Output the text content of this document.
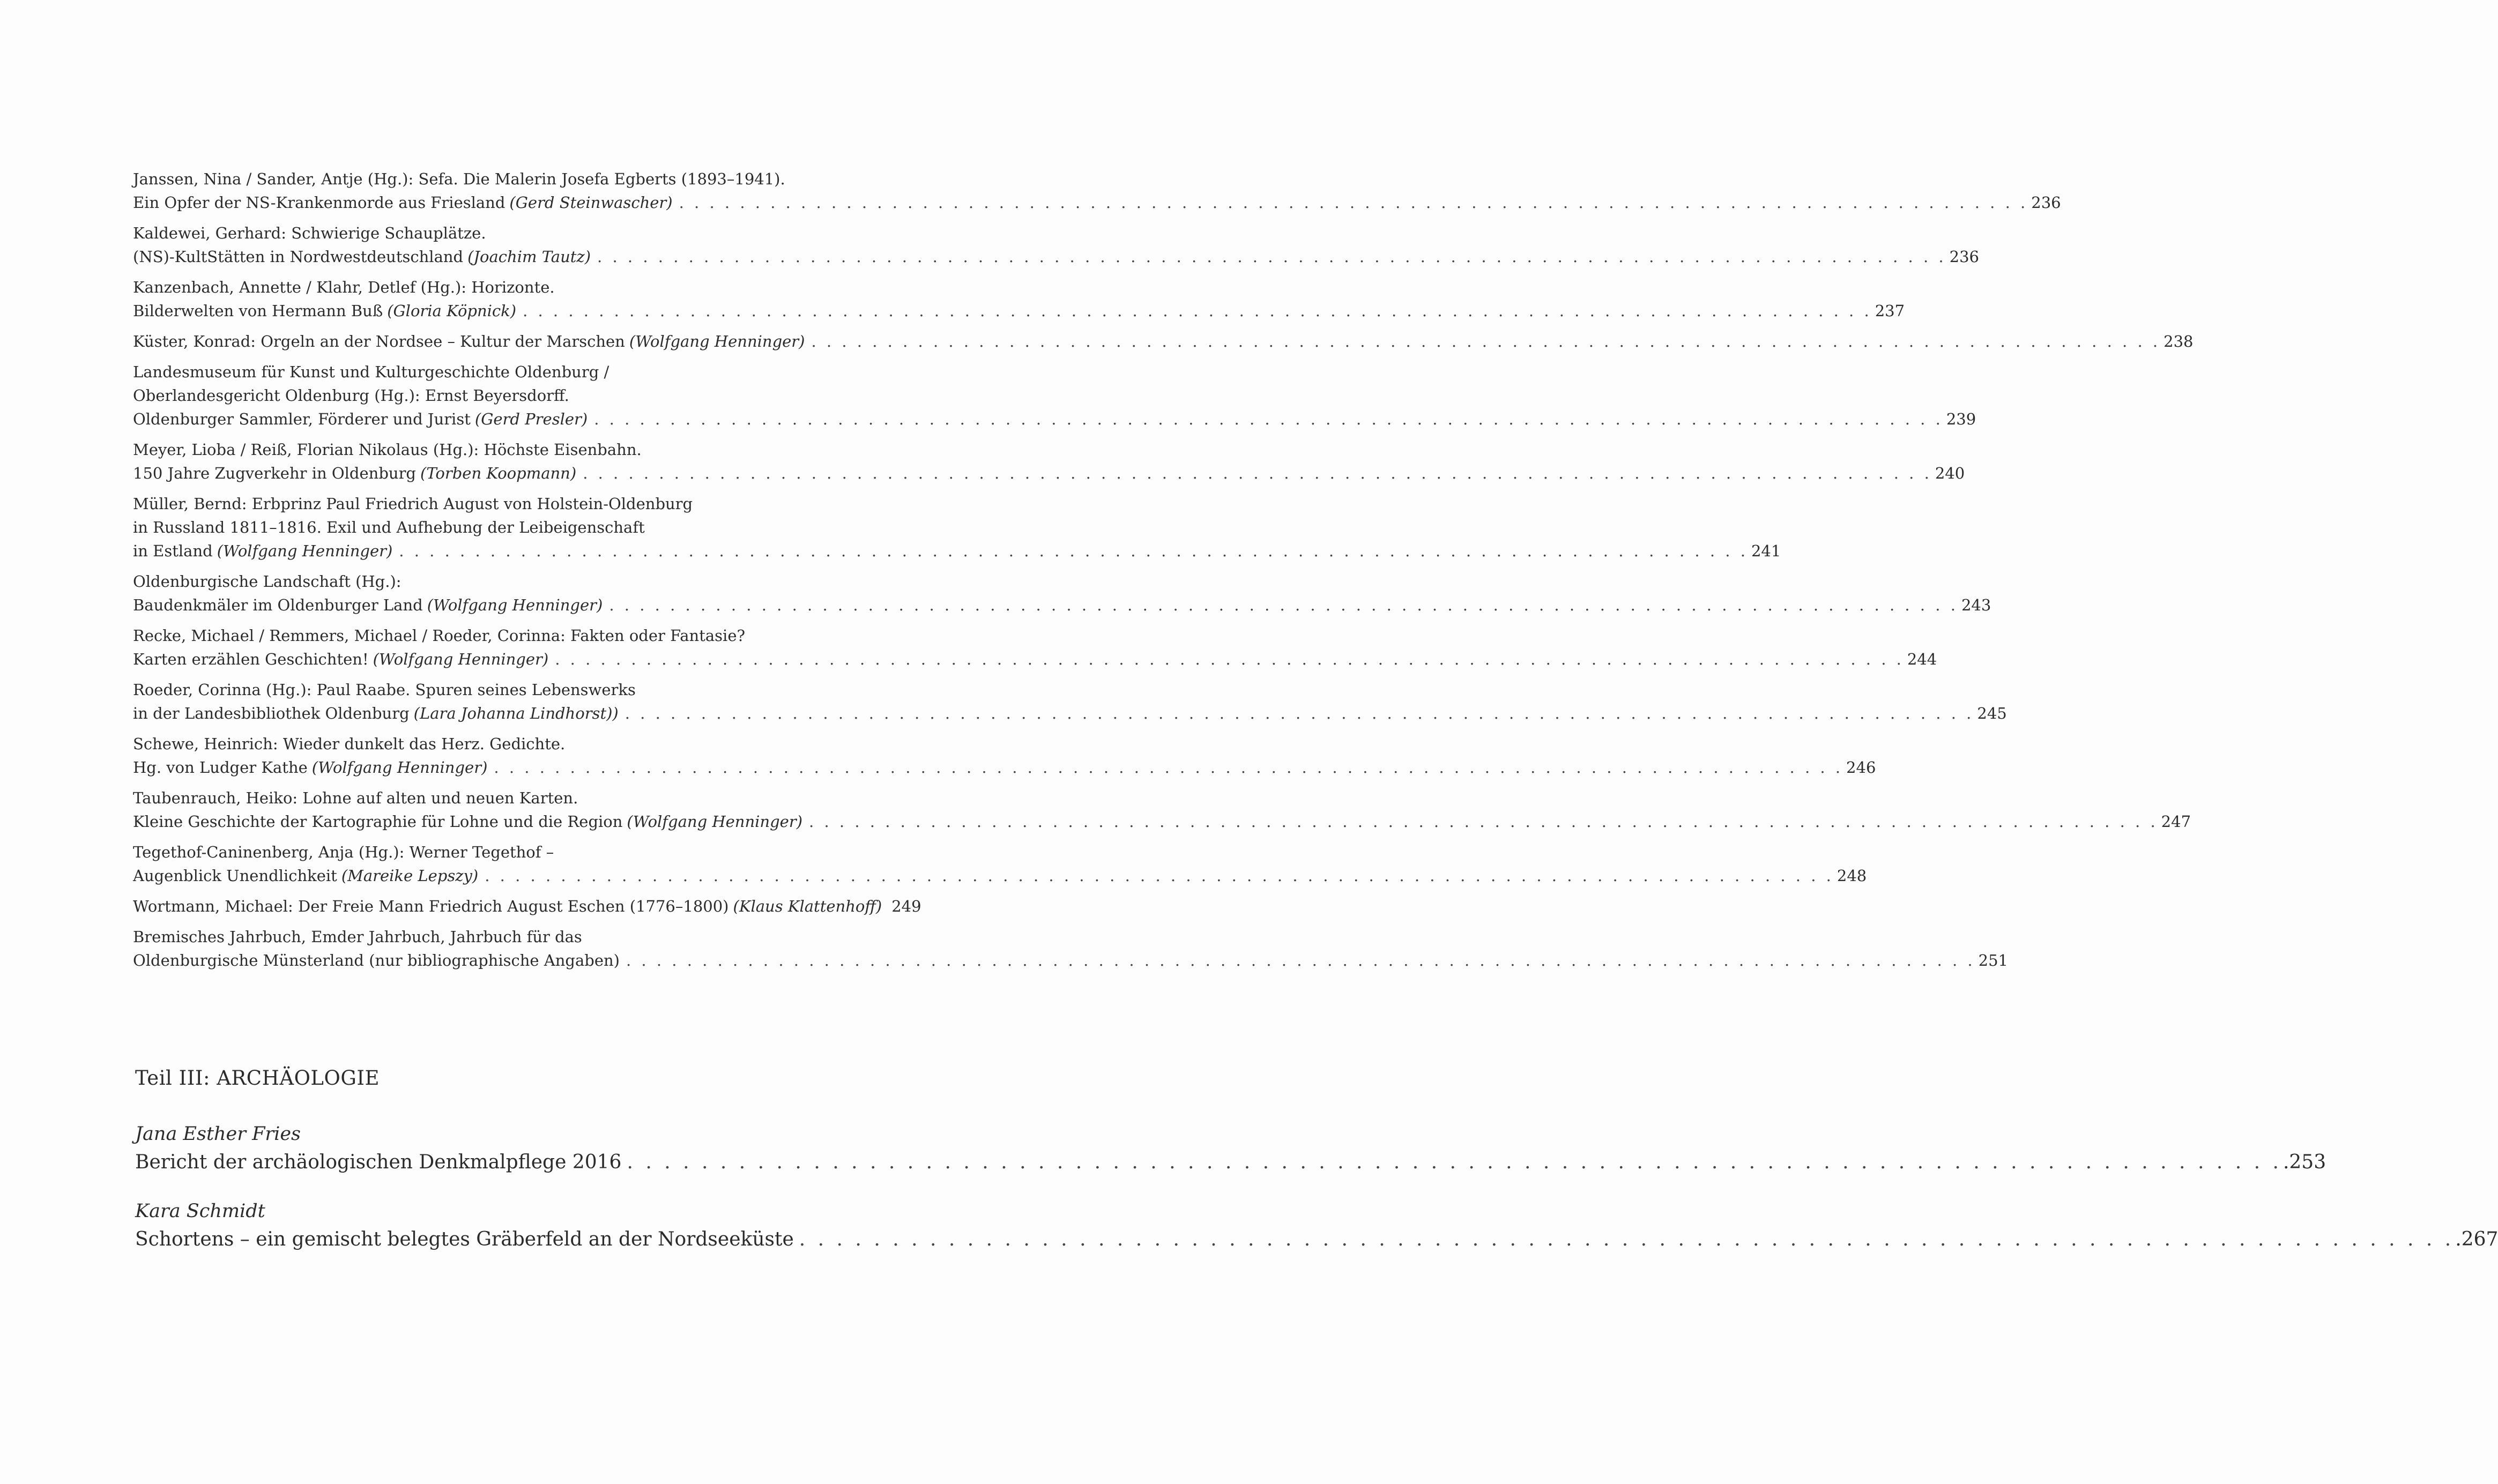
Janssen, Nina / Sander, Antje (Hg.): Sefa. Die Malerin Josefa Egberts (1893–1941).
Ein Opfer der NS-Krankenmorde aus Friesland (Gerd Steinwascher) . . . . . . . . . . . . . . . . . . . . . . . . . . . . . . . . . . . . . . . . . . . . . . . . . . . . . . . . . . . . . . . . . . . . . . . . . . . . . . . . . . . . . . . . . 236
Kaldewei, Gerhard: Schwierige Schauplätze.
(NS)-KultStätten in Nordwestdeutschland (Joachim Tautz) . . . . . . . . . . . . . . . . . . . . . . . . . . . . . . . . . . . . . . . . . . . . . . . . . . . . . . . . . . . . . . . . . . . . . . . . . . . . . . . . . . . . . . . . . 236
Kanzenbach, Annette / Klahr, Detlef (Hg.): Horizonte.
Bilderwelten von Hermann Buß (Gloria Köpnick) . . . . . . . . . . . . . . . . . . . . . . . . . . . . . . . . . . . . . . . . . . . . . . . . . . . . . . . . . . . . . . . . . . . . . . . . . . . . . . . . . . . . . . . . . 237
Küster, Konrad: Orgeln an der Nordsee – Kultur der Marschen (Wolfgang Henninger) . . . . . . . . . . . . . . . . . . . . . . . . . . . . . . . . . . . . . . . . . . . . . . . . . . . . . . . . . . . . . . . . . . . . . . . . . . . . . . . . . . . . . . . . . 238
Landesmuseum für Kunst und Kulturgeschichte Oldenburg /
Oberlandesgericht Oldenburg (Hg.): Ernst Beyersdorff.
Oldenburger Sammler, Förderer und Jurist (Gerd Presler) . . . . . . . . . . . . . . . . . . . . . . . . . . . . . . . . . . . . . . . . . . . . . . . . . . . . . . . . . . . . . . . . . . . . . . . . . . . . . . . . . . . . . . . . . 239
Meyer, Lioba / Reiß, Florian Nikolaus (Hg.): Höchste Eisenbahn.
150 Jahre Zugverkehr in Oldenburg (Torben Koopmann) . . . . . . . . . . . . . . . . . . . . . . . . . . . . . . . . . . . . . . . . . . . . . . . . . . . . . . . . . . . . . . . . . . . . . . . . . . . . . . . . . . . . . . . . . 240
Müller, Bernd: Erbprinz Paul Friedrich August von Holstein-Oldenburg
in Russland 1811–1816. Exil und Aufhebung der Leibeigenschaft
in Estland (Wolfgang Henninger) . . . . . . . . . . . . . . . . . . . . . . . . . . . . . . . . . . . . . . . . . . . . . . . . . . . . . . . . . . . . . . . . . . . . . . . . . . . . . . . . . . . . . . . . . 241
Oldenburgische Landschaft (Hg.):
Baudenkmäler im Oldenburger Land (Wolfgang Henninger) . . . . . . . . . . . . . . . . . . . . . . . . . . . . . . . . . . . . . . . . . . . . . . . . . . . . . . . . . . . . . . . . . . . . . . . . . . . . . . . . . . . . . . . . . 243
Recke, Michael / Remmers, Michael / Roeder, Corinna: Fakten oder Fantasie?
Karten erzählen Geschichten! (Wolfgang Henninger) . . . . . . . . . . . . . . . . . . . . . . . . . . . . . . . . . . . . . . . . . . . . . . . . . . . . . . . . . . . . . . . . . . . . . . . . . . . . . . . . . . . . . . . . . 244
Roeder, Corinna (Hg.): Paul Raabe. Spuren seines Lebenswerks
in der Landesbibliothek Oldenburg (Lara Johanna Lindhorst)) . . . . . . . . . . . . . . . . . . . . . . . . . . . . . . . . . . . . . . . . . . . . . . . . . . . . . . . . . . . . . . . . . . . . . . . . . . . . . . . . . . . . . . . . . 245
Schewe, Heinrich: Wieder dunkelt das Herz. Gedichte.
Hg. von Ludger Kathe (Wolfgang Henninger) . . . . . . . . . . . . . . . . . . . . . . . . . . . . . . . . . . . . . . . . . . . . . . . . . . . . . . . . . . . . . . . . . . . . . . . . . . . . . . . . . . . . . . . . . 246
Taubenrauch, Heiko: Lohne auf alten und neuen Karten.
Kleine Geschichte der Kartographie für Lohne und die Region (Wolfgang Henninger) . . . . . . . . . . . . . . . . . . . . . . . . . . . . . . . . . . . . . . . . . . . . . . . . . . . . . . . . . . . . . . . . . . . . . . . . . . . . . . . . . . . . . . . . . 247
Tegethof-Caninenberg, Anja (Hg.): Werner Tegethof –
Augenblick Unendlichkeit (Mareike Lepszy) . . . . . . . . . . . . . . . . . . . . . . . . . . . . . . . . . . . . . . . . . . . . . . . . . . . . . . . . . . . . . . . . . . . . . . . . . . . . . . . . . . . . . . . . . 248
Wortmann, Michael: Der Freie Mann Friedrich August Eschen (1776–1800) (Klaus Klattenhoff) 249
Bremisches Jahrbuch, Emder Jahrbuch, Jahrbuch für das
Oldenburgische Münsterland (nur bibliographische Angaben) . . . . . . . . . . . . . . . . . . . . . . . . . . . . . . . . . . . . . . . . . . . . . . . . . . . . . . . . . . . . . . . . . . . . . . . . . . . . . . . . . . . . . . . . . 251
Teil III: ARCHÄOLOGIE
Jana Esther Fries
Bericht der archäologischen Denkmalpflege 2016 . . . . . . . . . . . . . . . . . . . . . . . . . . . . . . . . . . . . . . . . . . . . . . . . . . . . . . . . . . . . . . . . . . . . . . . . . . . . . . . . . . . . . . . . . .253
Kara Schmidt
Schortens – ein gemischt belegtes Gräberfeld an der Nordseeküste . . . . . . . . . . . . . . . . . . . . . . . . . . . . . . . . . . . . . . . . . . . . . . . . . . . . . . . . . . . . . . . . . . . . . . . . . . . . . . . . . . . . . . . . . .267
